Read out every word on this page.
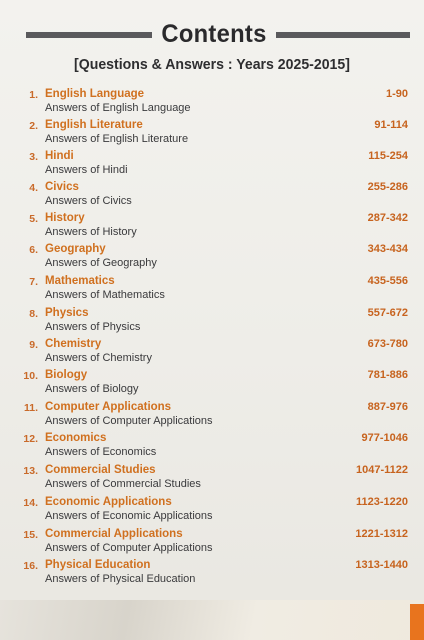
Contents
[Questions & Answers : Years 2025-2015]
1. English Language	1-90
Answers of English Language
2. English Literature	91-114
Answers of English Literature
3. Hindi	115-254
Answers of Hindi
4. Civics	255-286
Answers of Civics
5. History	287-342
Answers of History
6. Geography	343-434
Answers of Geography
7. Mathematics	435-556
Answers of Mathematics
8. Physics	557-672
Answers of Physics
9. Chemistry	673-780
Answers of Chemistry
10. Biology	781-886
Answers of Biology
11. Computer Applications	887-976
Answers of Computer Applications
12. Economics	977-1046
Answers of Economics
13. Commercial Studies	1047-1122
Answers of Commercial Studies
14. Economic Applications	1123-1220
Answers of Economic Applications
15. Commercial Applications	1221-1312
Answers of Computer Applications
16. Physical Education	1313-1440
Answers of Physical Education
